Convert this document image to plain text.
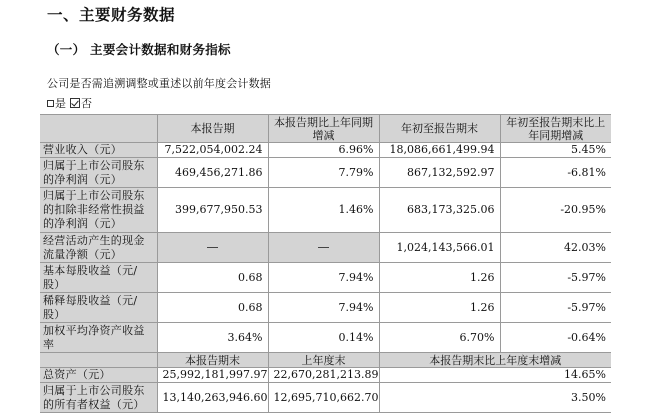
一、主要财务数据
（一） 主要会计数据和财务指标
公司是否需追溯调整或重述以前年度会计数据
是 否
	本报告期	本报告期比上年同期增减	年初至报告期末	年初至报告期末比上年同期增减
营业收入（元）	7,522,054,002.24	6.96%	18,086,661,499.94	5.45%
归属于上市公司股东的净利润（元）	469,456,271.86	7.79%	867,132,592.97	-6.81%
归属于上市公司股东的扣除非经常性损益的净利润（元）	399,677,950.53	1.46%	683,173,325.06	-20.95%
经营活动产生的现金流量净额（元）			1,024,143,566.01	42.03%
基本每股收益（元/股）	0.68	7.94%	1.26	-5.97%
稀释每股收益（元/股）	0.68	7.94%	1.26	-5.97%
加权平均净资产收益率	3.64%	0.14%	6.70%	-0.64%
	本报告期末	上年度末	本报告期末比上年度末增减	
总资产（元）	25,992,181,997.97	22,670,281,213.89	14.65%	
归属于上市公司股东的所有者权益（元）	13,140,263,946.60	12,695,710,662.70	3.50%	
